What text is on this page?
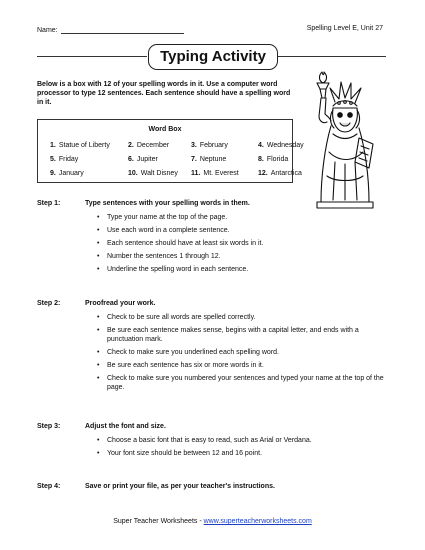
Name:	Spelling Level E, Unit 27
Typing Activity
Below is a box with 12 of your spelling words in it. Use a computer word processor to type 12 sentences. Each sentence should have a spelling word in it.
Word Box
1. Statue of Liberty	2. December	3. February	4. Wednesday
5. Friday	6. Jupiter	7. Neptune	8. Florida
9. January	10. Walt Disney 11. Mt. Everest	12. Antarctica
Step 1:	Type sentences with your spelling words in them.
• Type your name at the top of the page.
• Use each word in a complete sentence.
• Each sentence should have at least six words in it.
• Number the sentences 1 through 12.
• Underline the spelling word in each sentence.
Step 2:	Proofread your work.
• Check to be sure all words are spelled correctly.
• Be sure each sentence makes sense, begins with a capital letter, and ends with a punctuation mark.
• Check to make sure you underlined each spelling word.
• Be sure each sentence has six or more words in it.
• Check to make sure you numbered your sentences and typed your name at the top of the page.
Step 3:	Adjust the font and size.
• Choose a basic font that is easy to read, such as Arial or Verdana.
• Your font size should be between 12 and 16 point.
Step 4:	Save or print your file, as per your teacher's instructions.
Super Teacher Worksheets - www.superteacherworksheets.com
